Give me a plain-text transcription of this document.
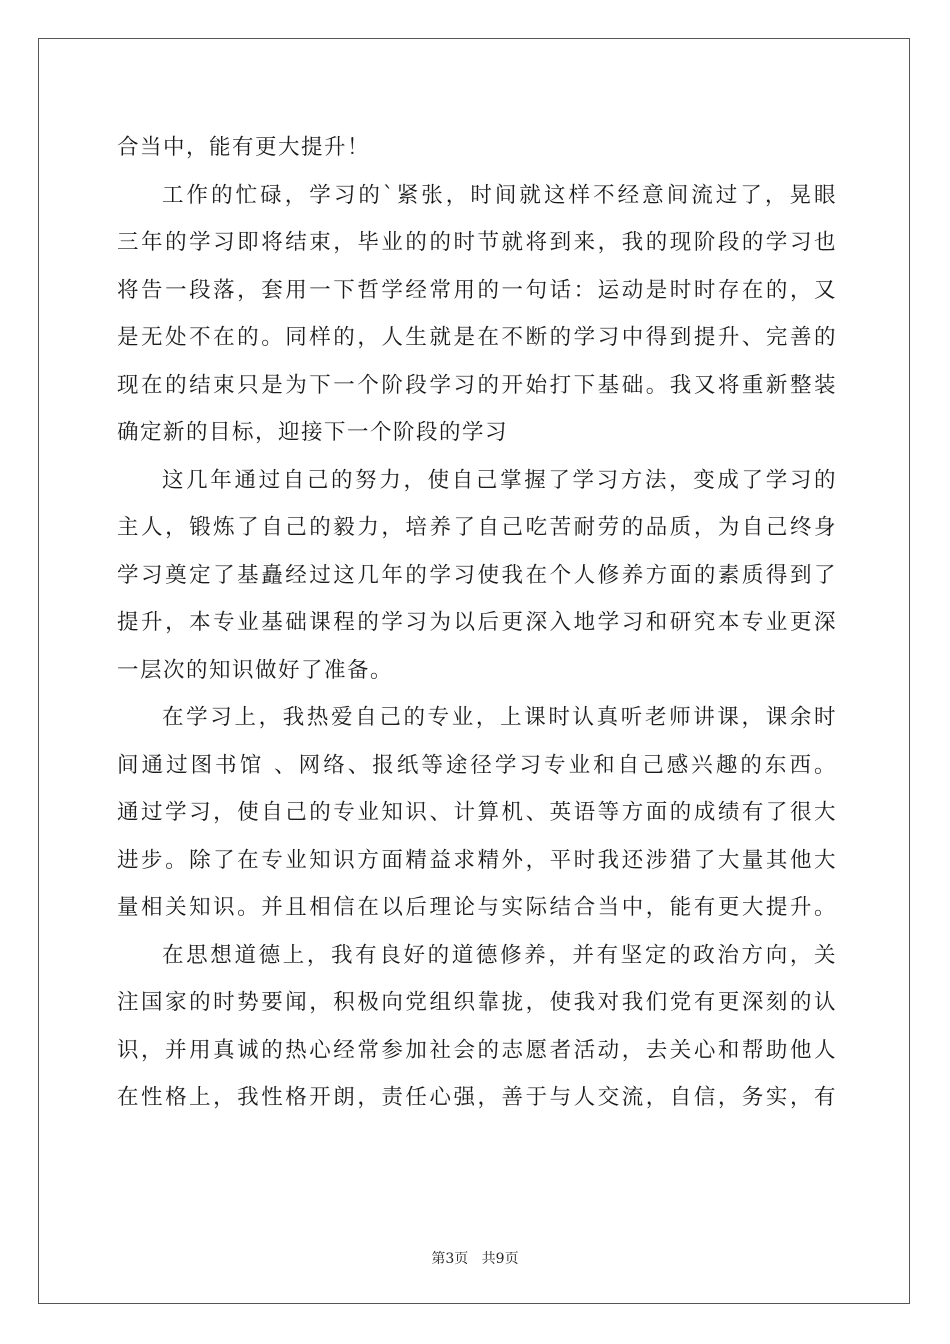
合当中，能有更大提升！
工作的忙碌，学习的`紧张，时间就这样不经意间流过了，晃眼
三年的学习即将结束，毕业的的时节就将到来，我的现阶段的学习也
将告一段落，套用一下哲学经常用的一句话：运动是时时存在的，又
是无处不在的。同样的，人生就是在不断的学习中得到提升、完善的
现在的结束只是为下一个阶段学习的开始打下基础。我又将重新整装
确定新的目标，迎接下一个阶段的学习
这几年通过自己的努力，使自己掌握了学习方法，变成了学习的
主人，锻炼了自己的毅力，培养了自己吃苦耐劳的品质，为自己终身
学习奠定了基矗经过这几年的学习使我在个人修养方面的素质得到了
提升，本专业基础课程的学习为以后更深入地学习和研究本专业更深
一层次的知识做好了准备。
在学习上，我热爱自己的专业，上课时认真听老师讲课，课余时
间通过图书馆 、网络、报纸等途径学习专业和自己感兴趣的东西。
通过学习，使自己的专业知识、计算机、英语等方面的成绩有了很大
进步。除了在专业知识方面精益求精外，平时我还涉猎了大量其他大
量相关知识。并且相信在以后理论与实际结合当中，能有更大提升。
在思想道德上，我有良好的道德修养，并有坚定的政治方向，关
注国家的时势要闻，积极向党组织靠拢，使我对我们党有更深刻的认
识，并用真诚的热心经常参加社会的志愿者活动，去关心和帮助他人
在性格上，我性格开朗，责任心强，善于与人交流，自信，务实，有
第3页 共9页
